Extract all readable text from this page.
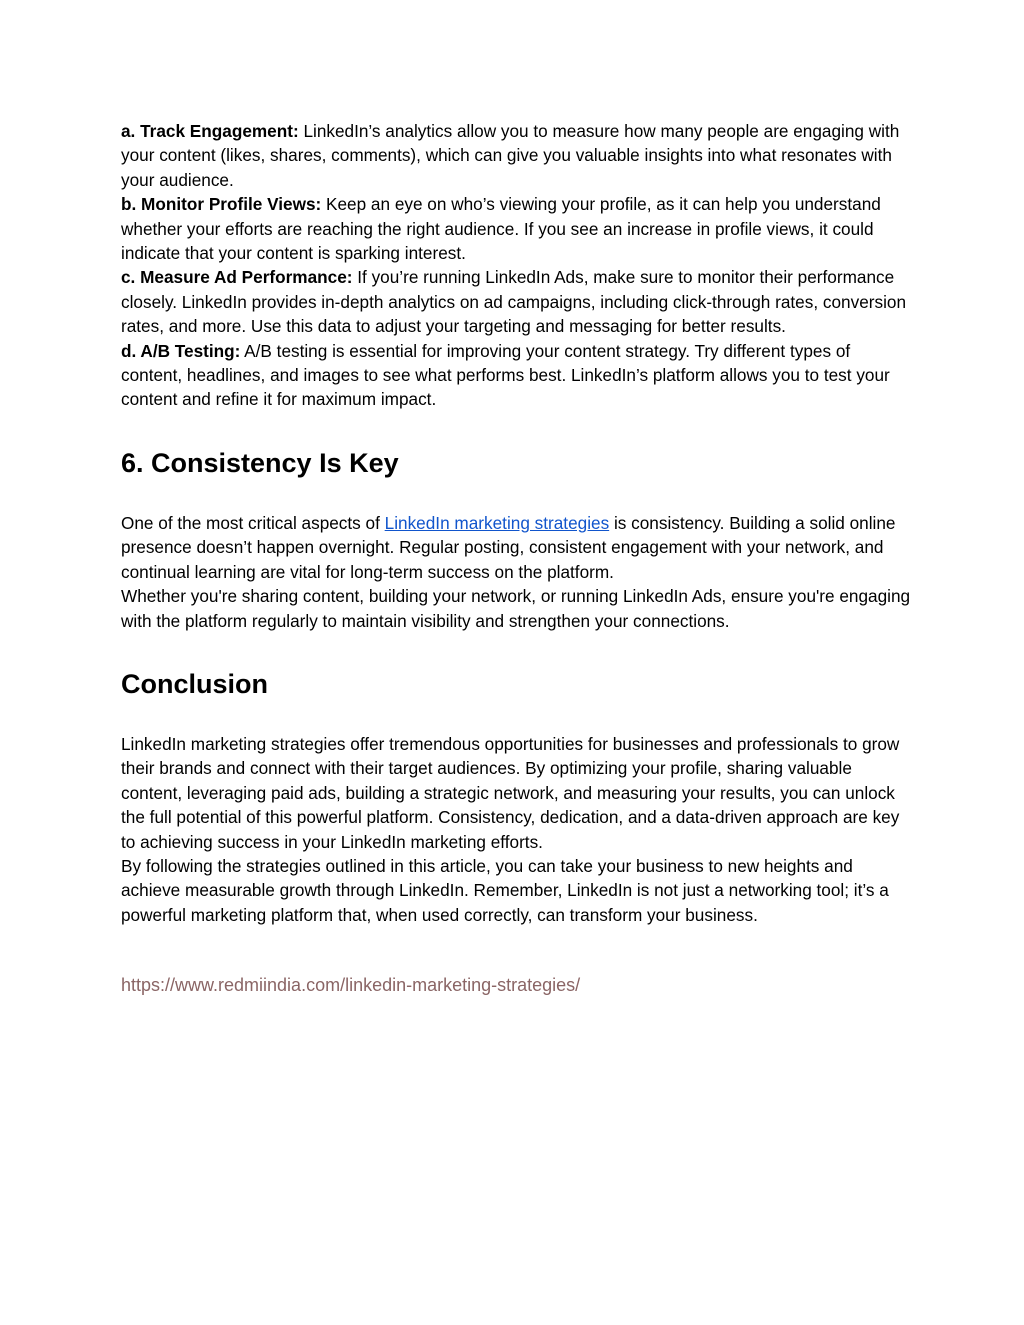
a. Track Engagement: LinkedIn’s analytics allow you to measure how many people are engaging with your content (likes, shares, comments), which can give you valuable insights into what resonates with your audience.

b. Monitor Profile Views: Keep an eye on who’s viewing your profile, as it can help you understand whether your efforts are reaching the right audience. If you see an increase in profile views, it could indicate that your content is sparking interest.

c. Measure Ad Performance: If you’re running LinkedIn Ads, make sure to monitor their performance closely. LinkedIn provides in-depth analytics on ad campaigns, including click-through rates, conversion rates, and more. Use this data to adjust your targeting and messaging for better results.

d. A/B Testing: A/B testing is essential for improving your content strategy. Try different types of content, headlines, and images to see what performs best. LinkedIn’s platform allows you to test your content and refine it for maximum impact.

6. Consistency Is Key

One of the most critical aspects of LinkedIn marketing strategies is consistency. Building a solid online presence doesn’t happen overnight. Regular posting, consistent engagement with your network, and continual learning are vital for long-term success on the platform.

Whether you're sharing content, building your network, or running LinkedIn Ads, ensure you're engaging with the platform regularly to maintain visibility and strengthen your connections.

Conclusion

LinkedIn marketing strategies offer tremendous opportunities for businesses and professionals to grow their brands and connect with their target audiences. By optimizing your profile, sharing valuable content, leveraging paid ads, building a strategic network, and measuring your results, you can unlock the full potential of this powerful platform. Consistency, dedication, and a data-driven approach are key to achieving success in your LinkedIn marketing efforts.

By following the strategies outlined in this article, you can take your business to new heights and achieve measurable growth through LinkedIn. Remember, LinkedIn is not just a networking tool; it’s a powerful marketing platform that, when used correctly, can transform your business.

https://www.redmiindia.com/linkedin-marketing-strategies/
